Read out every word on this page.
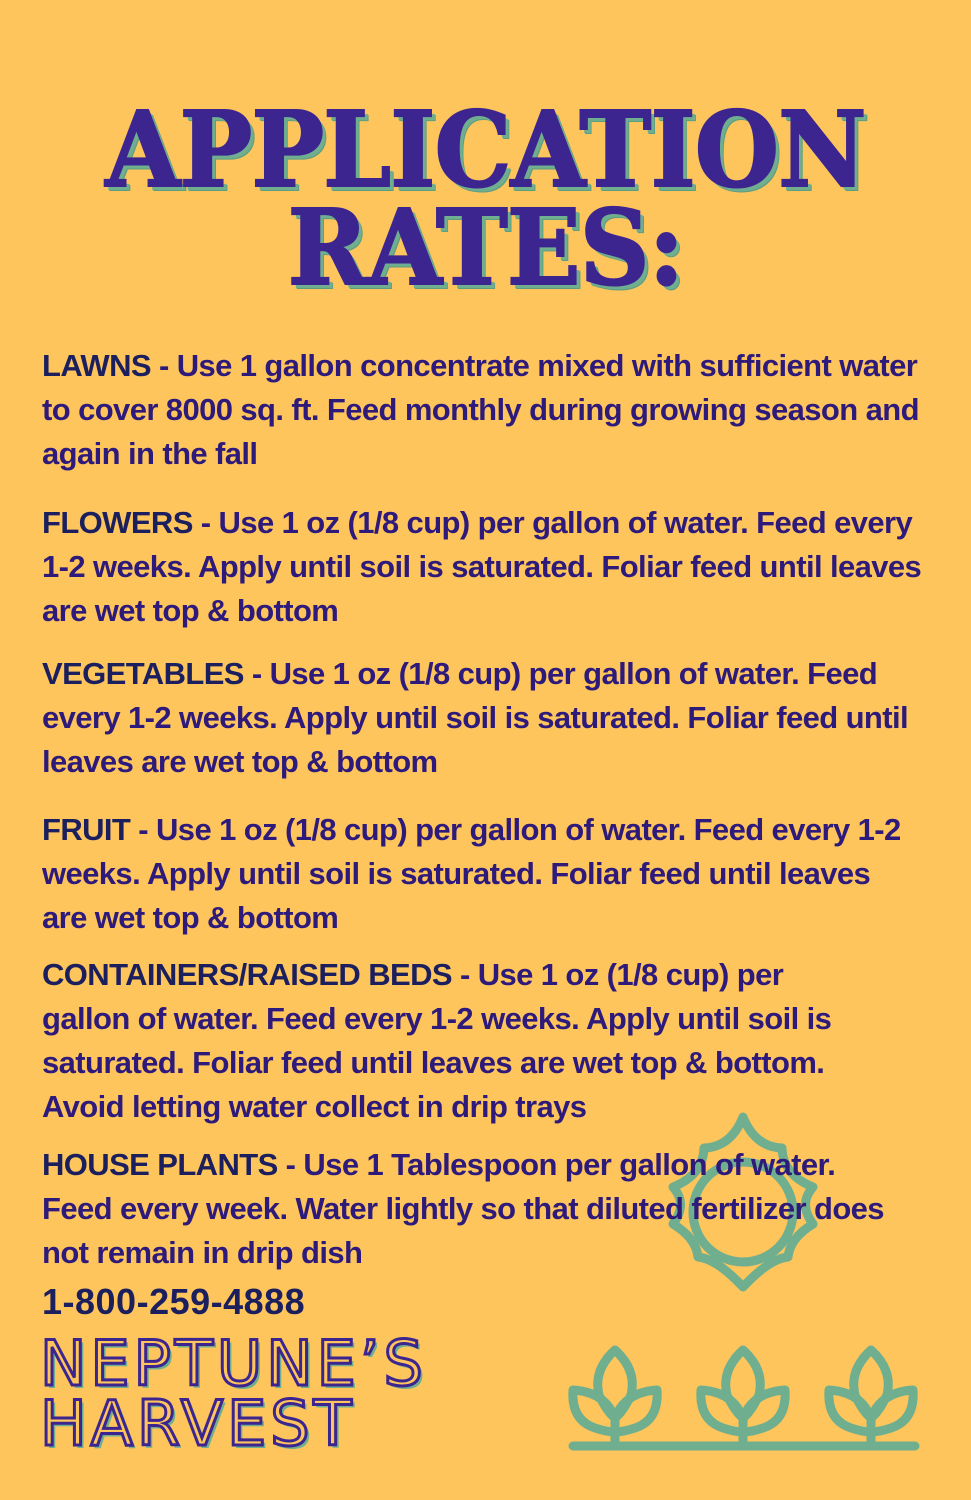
APPLICATION
RATES:
LAWNS - Use 1 gallon concentrate mixed with sufficient water to cover 8000 sq. ft. Feed monthly during growing season and again in the fall
FLOWERS - Use 1 oz (1/8 cup) per gallon of water. Feed every 1-2 weeks. Apply until soil is saturated. Foliar feed until leaves are wet top & bottom
VEGETABLES - Use 1 oz (1/8 cup) per gallon of water. Feed every 1-2 weeks. Apply until soil is saturated. Foliar feed until leaves are wet top & bottom
FRUIT - Use 1 oz (1/8 cup) per gallon of water. Feed every 1-2 weeks. Apply until soil is saturated. Foliar feed until leaves are wet top & bottom
CONTAINERS/RAISED BEDS - Use 1 oz (1/8 cup) per gallon of water. Feed every 1-2 weeks. Apply until soil is saturated. Foliar feed until leaves are wet top & bottom. Avoid letting water collect in drip trays
HOUSE PLANTS - Use 1 Tablespoon per gallon of water. Feed every week. Water lightly so that diluted fertilizer does not remain in drip dish
1-800-259-4888
NEPTUNE’S
HARVEST
